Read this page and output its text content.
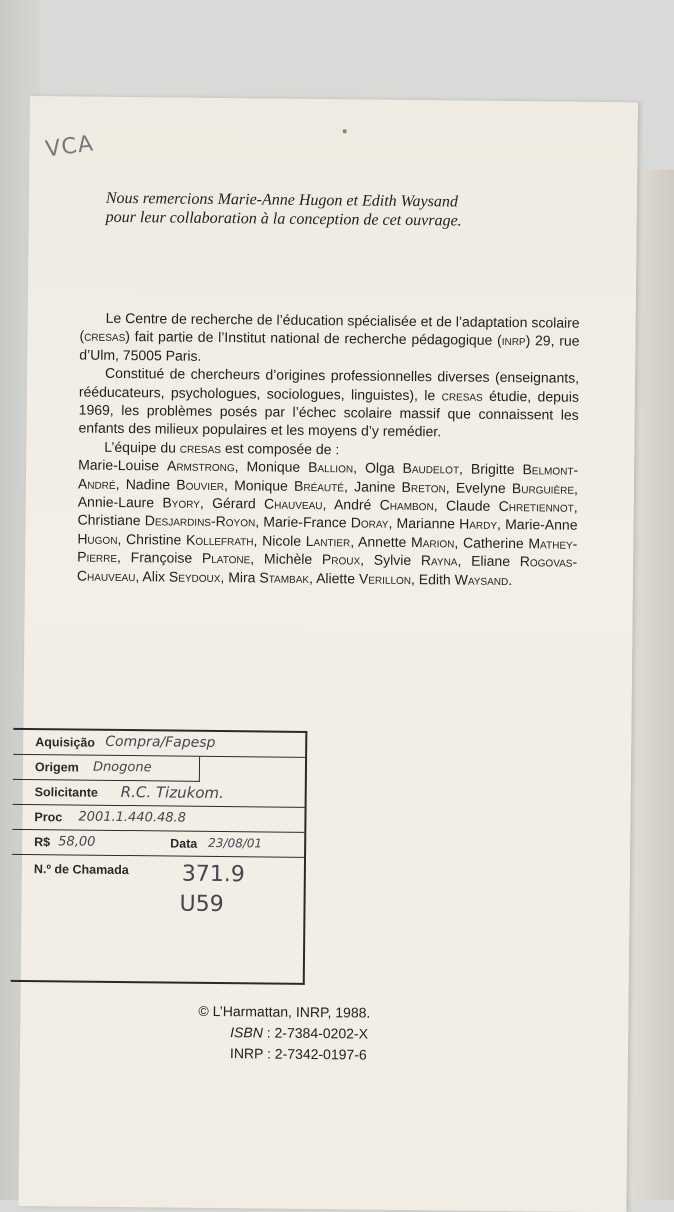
VCA
Nous remercions Marie-Anne Hugon et Edith Waysand

pour leur collaboration à la conception de cet ouvrage.

Le Centre de recherche de l’éducation spécialisée et de l’adaptation scolaire (cresas) fait partie de l’Institut national de recherche pédagogique (inrp) 29, rue d’Ulm, 75005 Paris.

Constitué de chercheurs d’origines professionnelles diverses (enseignants, rééducateurs, psychologues, sociologues, linguistes), le cresas étudie, depuis 1969, les problèmes posés par l’échec scolaire massif que connaissent les enfants des milieux populaires et les moyens d’y remédier.

L’équipe du cresas est composée de :

Marie-Louise Armstrong, Monique Ballion, Olga Baudelot, Brigitte Belmont-André, Nadine Bouvier, Monique Bréauté, Janine Breton, Evelyne Burguière, Annie-Laure Byory, Gérard Chauveau, André Chambon, Claude Chretiennot, Christiane Desjardins-Royon, Marie-France Doray, Marianne Hardy, Marie-Anne Hugon, Christine Kollefrath, Nicole Lantier, Annette Marion, Catherine Mathey-Pierre, Françoise Platone, Michèle Proux, Sylvie Rayna, Eliane Rogovas-Chauveau, Alix Seydoux, Mira Stambak, Aliette Verillon, Edith Waysand.

Aquisição Compra/Fapesp
Origem Dnogone
Solicitante R.C. Tizukom.
Proc 2001.1.440.48.8
R$ 58,00	Data 23/08/01
N.º de Chamada 371.9
U59
© L’Harmattan, INRP, 1988.
ISBN : 2-7384-0202-X
INRP : 2-7342-0197-6
